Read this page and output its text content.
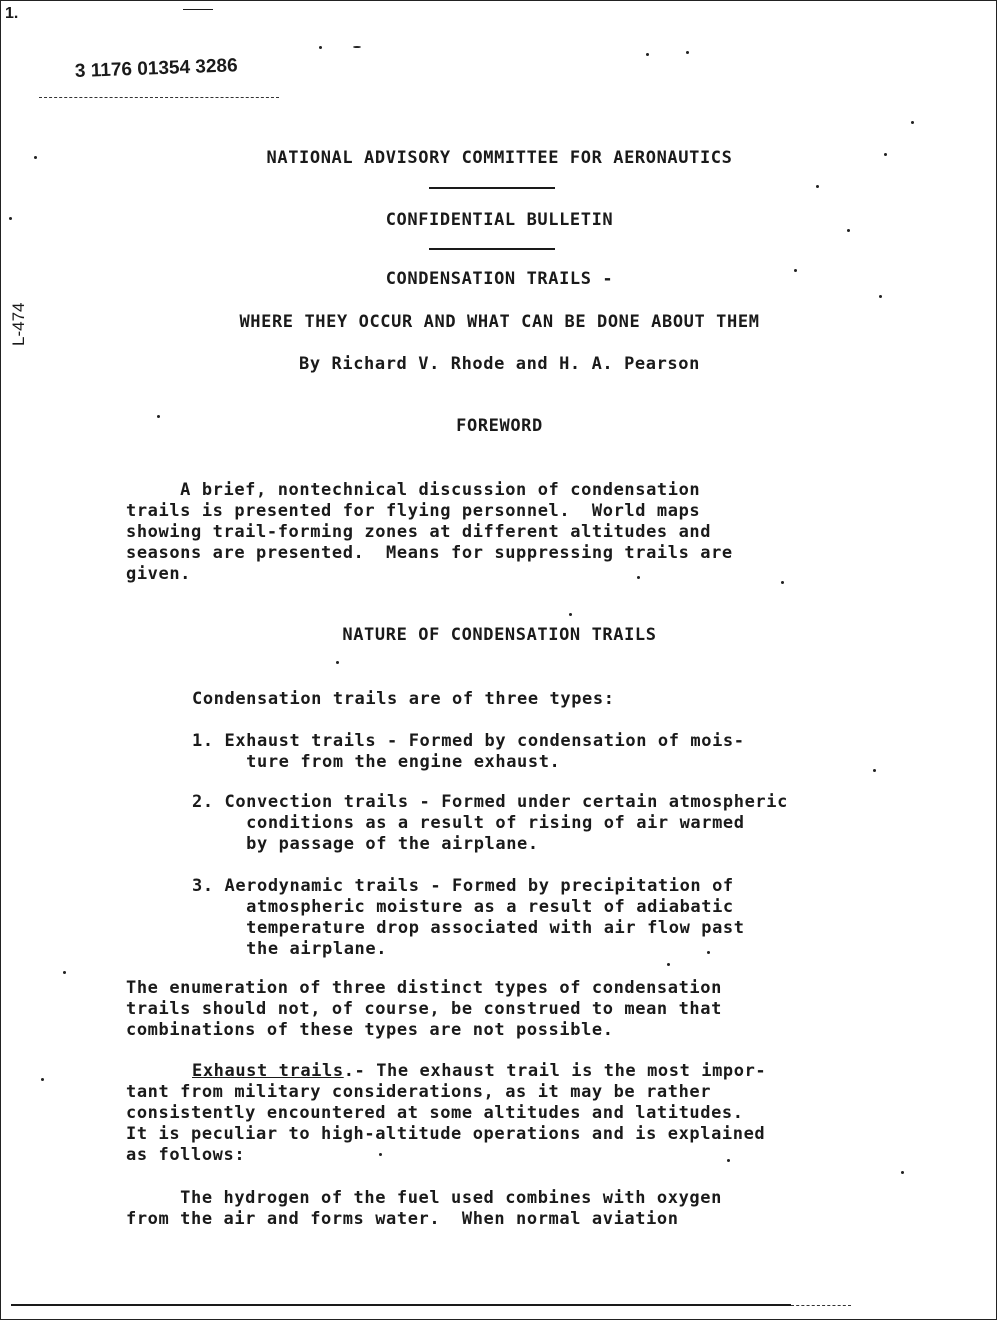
1.
3 1176 01354 3286
L-474
NATIONAL ADVISORY COMMITTEE FOR AERONAUTICS
CONFIDENTIAL BULLETIN
CONDENSATION TRAILS -
WHERE THEY OCCUR AND WHAT CAN BE DONE ABOUT THEM
By Richard V. Rhode and H. A. Pearson
FOREWORD
A brief, nontechnical discussion of condensation
trails is presented for flying personnel.  World maps
showing trail-forming zones at different altitudes and
seasons are presented.  Means for suppressing trails are
given.
NATURE OF CONDENSATION TRAILS
Condensation trails are of three types:

1. Exhaust trails - Formed by condensation of mois-

ture from the engine exhaust.

2. Convection trails - Formed under certain atmospheric

conditions as a result of rising of air warmed

by passage of the airplane.

3. Aerodynamic trails - Formed by precipitation of

atmospheric moisture as a result of adiabatic

temperature drop associated with air flow past

the airplane.

The enumeration of three distinct types of condensation

trails should not, of course, be construed to mean that

combinations of these types are not possible.

Exhaust trails.- The exhaust trail is the most impor-

tant from military considerations, as it may be rather

consistently encountered at some altitudes and latitudes.

It is peculiar to high-altitude operations and is explained

as follows:

The hydrogen of the fuel used combines with oxygen

from the air and forms water.  When normal aviation
